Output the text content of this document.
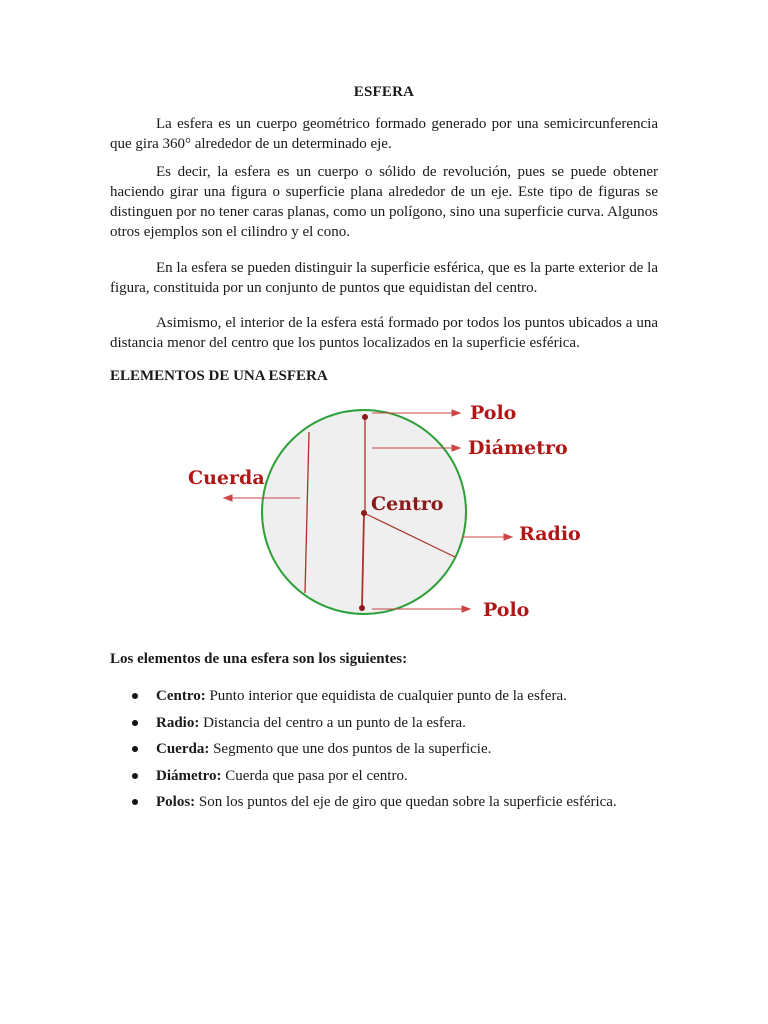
ESFERA

La esfera es un cuerpo geométrico formado generado por una semicircunferencia que gira 360° alrededor de un determinado eje.

Es decir, la esfera es un cuerpo o sólido de revolución, pues se puede obtener haciendo girar una figura o superficie plana alrededor de un eje. Este tipo de figuras se distinguen por no tener caras planas, como un polígono, sino una superficie curva. Algunos otros ejemplos son el cilindro y el cono.

En la esfera se pueden distinguir la superficie esférica, que es la parte exterior de la figura, constituida por un conjunto de puntos que equidistan del centro.

Asimismo, el interior de la esfera está formado por todos los puntos ubicados a una distancia menor del centro que los puntos localizados en la superficie esférica.

ELEMENTOS DE UNA ESFERA
Polo
Diámetro
Cuerda
Centro
Radio
Polo
Los elementos de una esfera son los siguientes:
Centro: Punto interior que equidista de cualquier punto de la esfera.
Radio: Distancia del centro a un punto de la esfera.
Cuerda: Segmento que une dos puntos de la superficie.
Diámetro: Cuerda que pasa por el centro.
Polos: Son los puntos del eje de giro que quedan sobre la superficie esférica.
